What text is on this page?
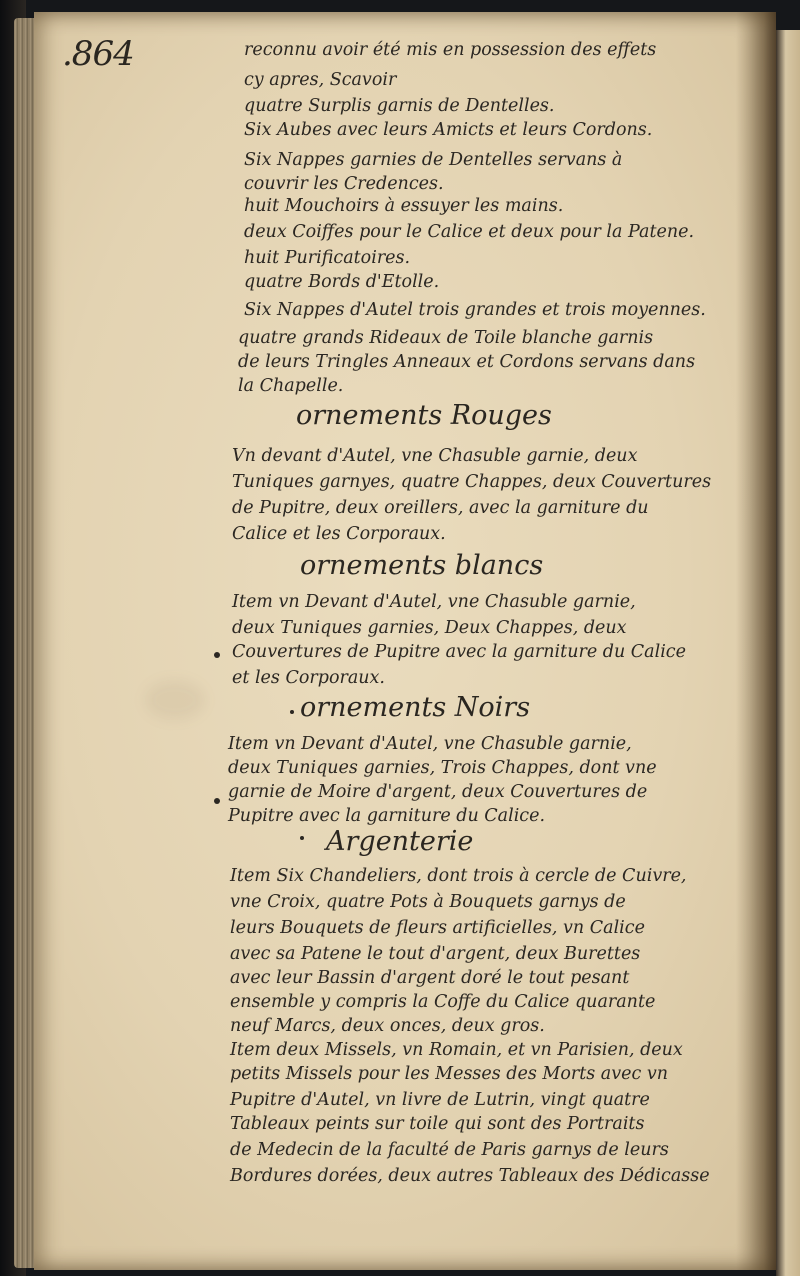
.864	reconnu avoir été mis en possession des effets
cy apres, Scavoir
quatre Surplis garnis de Dentelles.
Six Aubes avec leurs Amicts et leurs Cordons.
Six Nappes garnies de Dentelles servans à
couvrir les Credences.
huit Mouchoirs à essuyer les mains.
deux Coiffes pour le Calice et deux pour la Patene.
huit Purificatoires.
quatre Bords d'Etolle.
Six Nappes d'Autel trois grandes et trois moyennes.
quatre grands Rideaux de Toile blanche garnis
de leurs Tringles Anneaux et Cordons servans dans
la Chapelle.
ornements Rouges
Vn devant d'Autel, vne Chasuble garnie, deux
Tuniques garnyes, quatre Chappes, deux Couvertures
de Pupitre, deux oreillers, avec la garniture du
Calice et les Corporaux.
ornements blancs
Item vn Devant d'Autel, vne Chasuble garnie,
deux Tuniques garnies, Deux Chappes, deux
Couvertures de Pupitre avec la garniture du Calice
et les Corporaux.
ornements Noirs
Item vn Devant d'Autel, vne Chasuble garnie,
deux Tuniques garnies, Trois Chappes, dont vne
garnie de Moire d'argent, deux Couvertures de
Pupitre avec la garniture du Calice.
Argenterie
Item Six Chandeliers, dont trois à cercle de Cuivre,
vne Croix, quatre Pots à Bouquets garnys de
leurs Bouquets de fleurs artificielles, vn Calice
avec sa Patene le tout d'argent, deux Burettes
avec leur Bassin d'argent doré le tout pesant
ensemble y compris la Coffe du Calice quarante
neuf Marcs, deux onces, deux gros.
Item deux Missels, vn Romain, et vn Parisien, deux
petits Missels pour les Messes des Morts avec vn
Pupitre d'Autel, vn livre de Lutrin, vingt quatre
Tableaux peints sur toile qui sont des Portraits
de Medecin de la faculté de Paris garnys de leurs
Bordures dorées, deux autres Tableaux des Dédicasse
